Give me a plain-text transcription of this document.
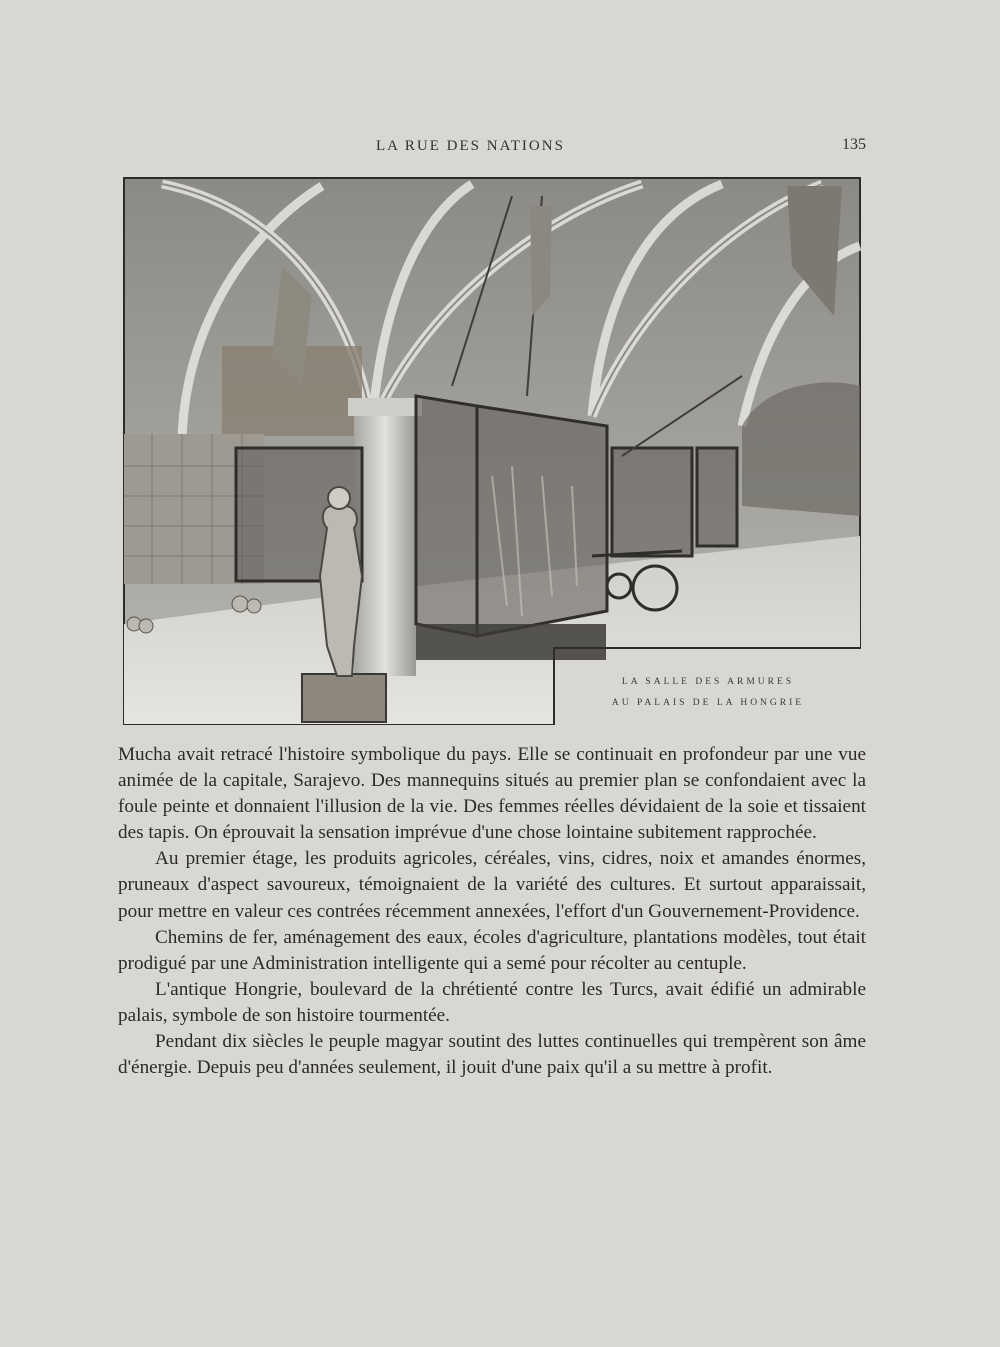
LA RUE DES NATIONS	135
LA SALLE DES ARMURES
AU PALAIS DE LA HONGRIE

Mucha avait retracé l'histoire symbolique du pays. Elle se continuait en profondeur par une vue animée de la capitale, Sarajevo. Des mannequins situés au premier plan se confondaient avec la foule peinte et donnaient l'illusion de la vie. Des femmes réelles dévidaient de la soie et tissaient des tapis. On éprouvait la sensation imprévue d'une chose lointaine subitement rapprochée.

Au premier étage, les produits agricoles, céréales, vins, cidres, noix et amandes énormes, pruneaux d'aspect savoureux, témoignaient de la variété des cultures. Et surtout apparaissait, pour mettre en valeur ces contrées récemment annexées, l'effort d'un Gouvernement-Providence.

Chemins de fer, aménagement des eaux, écoles d'agriculture, plantations modèles, tout était prodigué par une Administration intelligente qui a semé pour récolter au centuple.

L'antique Hongrie, boulevard de la chrétienté contre les Turcs, avait édifié un admirable palais, symbole de son histoire tourmentée.

Pendant dix siècles le peuple magyar soutint des luttes continuelles qui trempèrent son âme d'énergie. Depuis peu d'années seulement, il jouit d'une paix qu'il a su mettre à profit.
